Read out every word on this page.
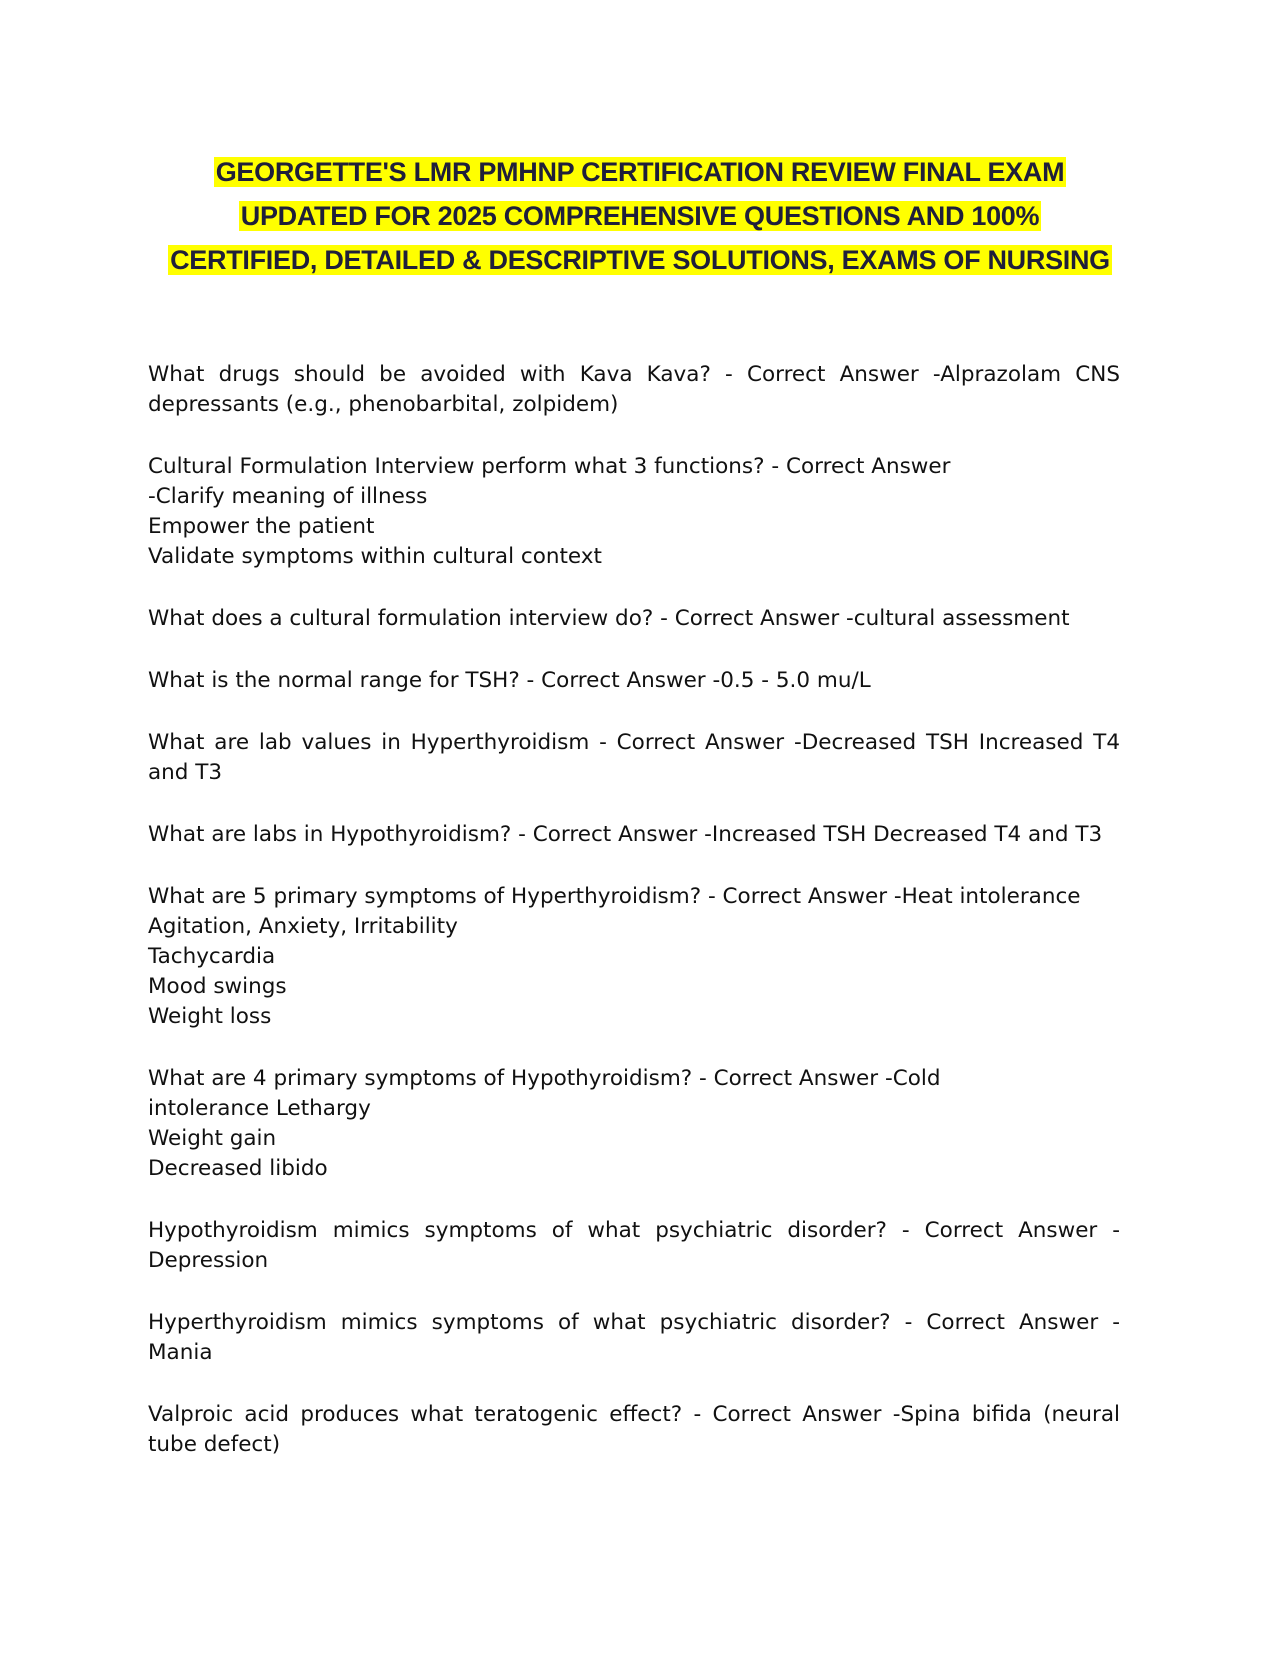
GEORGETTE'S LMR PMHNP CERTIFICATION REVIEW FINAL EXAM
UPDATED FOR 2025 COMPREHENSIVE QUESTIONS AND 100%
CERTIFIED, DETAILED & DESCRIPTIVE SOLUTIONS, EXAMS OF NURSING
What drugs should be avoided with Kava Kava? - Correct Answer -Alprazolam CNS
depressants (e.g., phenobarbital, zolpidem)
Cultural Formulation Interview perform what 3 functions? - Correct Answer
-Clarify meaning of illness
Empower the patient
Validate symptoms within cultural context
What does a cultural formulation interview do? - Correct Answer -cultural assessment
What is the normal range for TSH? - Correct Answer -0.5 - 5.0 mu/L
What are lab values in Hyperthyroidism - Correct Answer -Decreased TSH Increased T4
and T3
What are labs in Hypothyroidism? - Correct Answer -Increased TSH Decreased T4 and T3
What are 5 primary symptoms of Hyperthyroidism? - Correct Answer -Heat intolerance
Agitation, Anxiety, Irritability
Tachycardia
Mood swings
Weight loss
What are 4 primary symptoms of Hypothyroidism? - Correct Answer -Cold
intolerance Lethargy
Weight gain
Decreased libido
Hypothyroidism mimics symptoms of what psychiatric disorder? - Correct Answer -
Depression
Hyperthyroidism mimics symptoms of what psychiatric disorder? - Correct Answer -
Mania
Valproic acid produces what teratogenic effect? - Correct Answer -Spina bifida (neural
tube defect)
